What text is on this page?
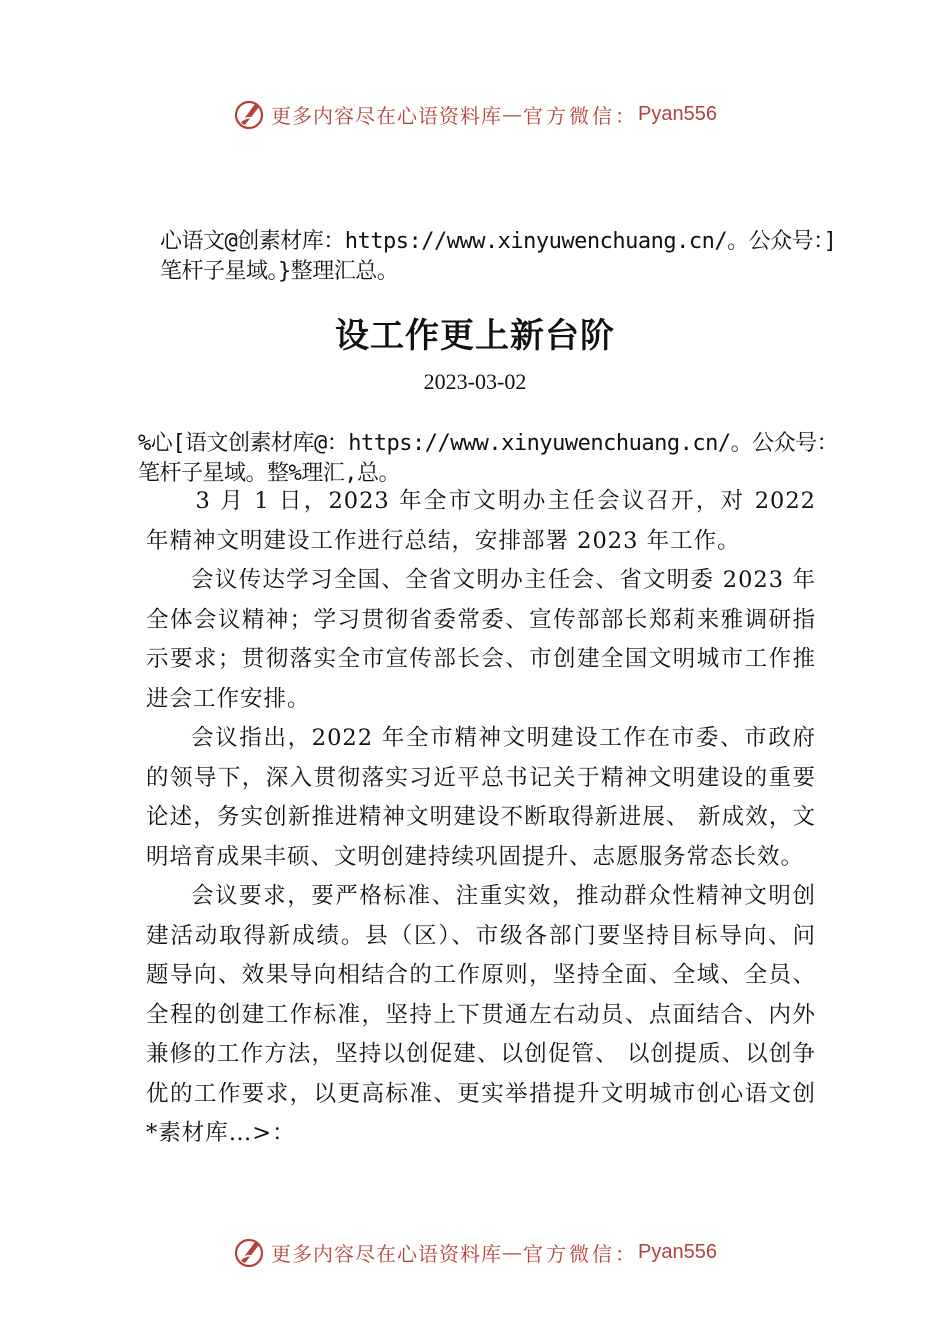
更多内容尽在心语资料库 — 官方微信： Pyan556
心语文@创素材库：https://www.xinyuwenchuang.cn/。公众号：]笔杆子星域。}整理汇总。
设工作更上新台阶
2023-03-02
%心[语文创素材库@：https://www.xinyuwenchuang.cn/。公众号：笔杆子星域。整%理汇,总。

3 月 1 日，2023 年全市文明办主任会议召开，对 2022 年精神文明建设工作进行总结，安排部署 2023 年工作。

会议传达学习全国、全省文明办主任会、省文明委 2023 年全体会议精神；学习贯彻省委常委、宣传部部长郑莉来雅调研指示要求；贯彻落实全市宣传部长会、市创建全国文明城市工作推进会工作安排。

会议指出，2022 年全市精神文明建设工作在市委、市政府的领导下，深入贯彻落实习近平总书记关于精神文明建设的重要论述，务实创新推进精神文明建设不断取得新进展、 新成效，文明培育成果丰硕、文明创建持续巩固提升、志愿服务常态长效。

会议要求，要严格标准、注重实效，推动群众性精神文明创建活动取得新成绩。县（区）、市级各部门要坚持目标导向、问题导向、效果导向相结合的工作原则，坚持全面、全域、全员、全程的创建工作标准，坚持上下贯通左右动员、点面结合、内外兼修的工作方法，坚持以创促建、以创促管、 以创提质、以创争优的工作要求，以更高标准、更实举措提升文明城市创心语文创*素材库…>：

更多内容尽在心语资料库 — 官方微信： Pyan556
